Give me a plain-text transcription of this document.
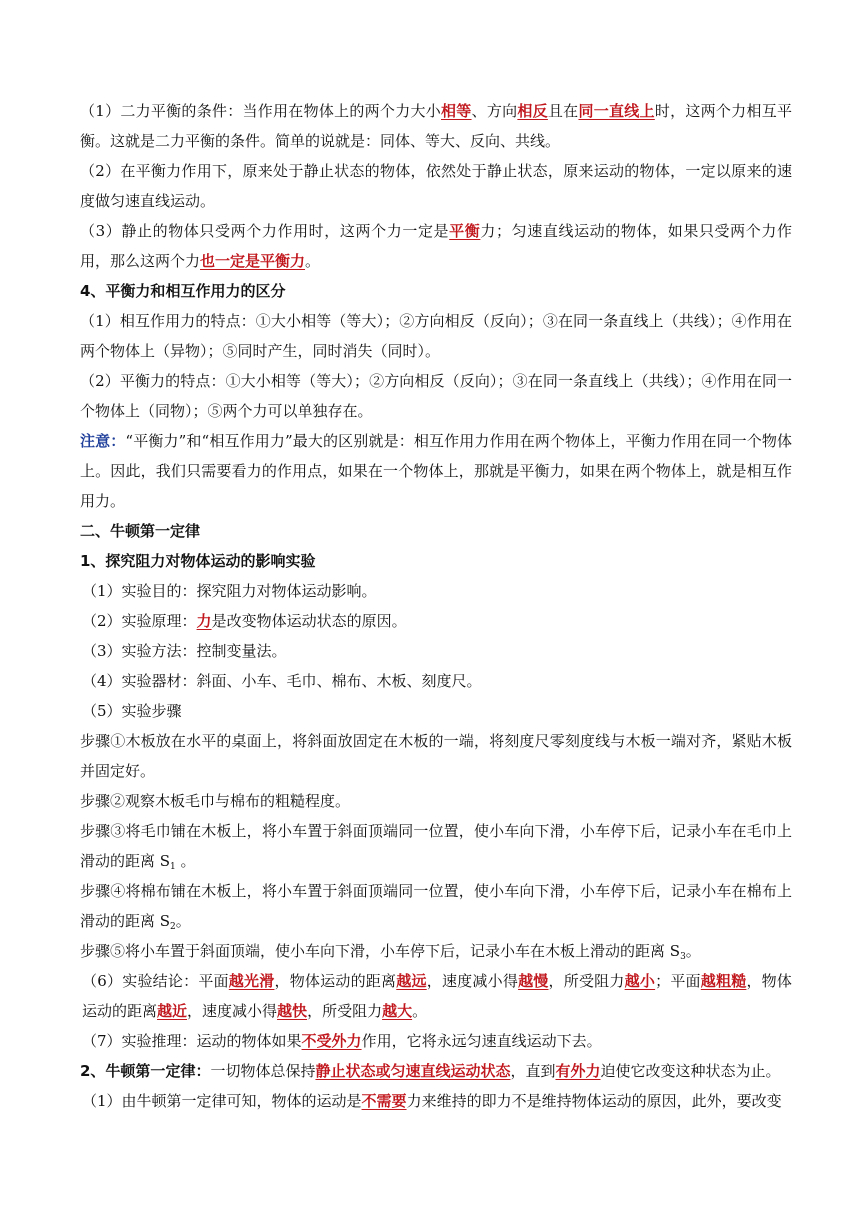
（1）二力平衡的条件：当作用在物体上的两个力大小相等、方向相反且在同一直线上时，这两个力相互平衡。这就是二力平衡的条件。简单的说就是：同体、等大、反向、共线。

（2）在平衡力作用下，原来处于静止状态的物体，依然处于静止状态，原来运动的物体，一定以原来的速度做匀速直线运动。

（3）静止的物体只受两个力作用时，这两个力一定是平衡力；匀速直线运动的物体，如果只受两个力作用，那么这两个力也一定是平衡力。

4、平衡力和相互作用力的区分

（1）相互作用力的特点：①大小相等（等大）；②方向相反（反向）；③在同一条直线上（共线）；④作用在两个物体上（异物）；⑤同时产生，同时消失（同时）。

（2）平衡力的特点：①大小相等（等大）；②方向相反（反向）；③在同一条直线上（共线）；④作用在同一个物体上（同物）；⑤两个力可以单独存在。

注意：“平衡力”和“相互作用力”最大的区别就是：相互作用力作用在两个物体上，平衡力作用在同一个物体上。因此，我们只需要看力的作用点，如果在一个物体上，那就是平衡力，如果在两个物体上，就是相互作用力。

二、牛顿第一定律

1、探究阻力对物体运动的影响实验

（1）实验目的：探究阻力对物体运动影响。

（2）实验原理：力是改变物体运动状态的原因。

（3）实验方法：控制变量法。

（4）实验器材：斜面、小车、毛巾、棉布、木板、刻度尺。

（5）实验步骤

步骤①木板放在水平的桌面上，将斜面放固定在木板的一端，将刻度尺零刻度线与木板一端对齐，紧贴木板并固定好。

步骤②观察木板毛巾与棉布的粗糙程度。

步骤③将毛巾铺在木板上，将小车置于斜面顶端同一位置，使小车向下滑，小车停下后，记录小车在毛巾上滑动的距离 $S_1$ 。

步骤④将棉布铺在木板上，将小车置于斜面顶端同一位置，使小车向下滑，小车停下后，记录小车在棉布上滑动的距离 $S_2$。

步骤⑤将小车置于斜面顶端，使小车向下滑，小车停下后，记录小车在木板上滑动的距离 $S_3$。

（6）实验结论：平面越光滑，物体运动的距离越远，速度减小得越慢，所受阻力越小；平面越粗糙，物体运动的距离越近，速度减小得越快，所受阻力越大。

（7）实验推理：运动的物体如果不受外力作用，它将永远匀速直线运动下去。

2、牛顿第一定律：一切物体总保持静止状态或匀速直线运动状态，直到有外力迫使它改变这种状态为止。

（1）由牛顿第一定律可知，物体的运动是不需要力来维持的即力不是维持物体运动的原因，此外，要改变
